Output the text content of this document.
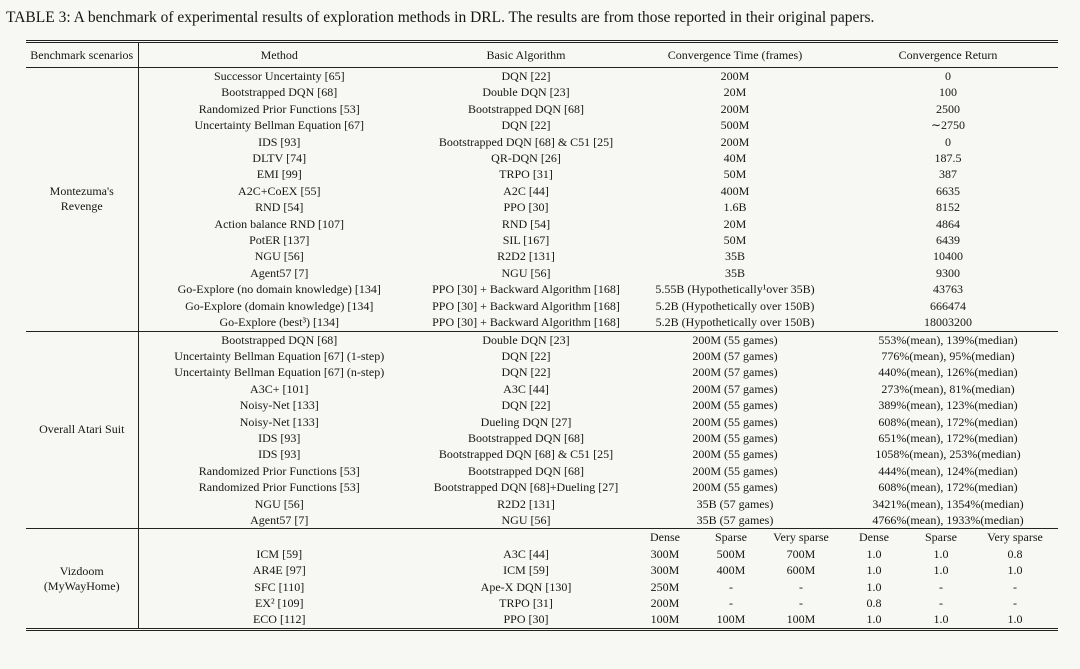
TABLE 3: A benchmark of experimental results of exploration methods in DRL. The results are from those reported in their original papers.
Benchmark scenarios	Method	Basic Algorithm	Convergence Time (frames)			Convergence Return		
Montezuma's Revenge	Successor Uncertainty [65]	DQN [22]	200M			0		
	Bootstrapped DQN [68]	Double DQN [23]	20M			100		
	Randomized Prior Functions [53]	Bootstrapped DQN [68]	200M			2500		
	Uncertainty Bellman Equation [67]	DQN [22]	500M			∼2750		
	IDS [93]	Bootstrapped DQN [68] & C51 [25]	200M			0		
	DLTV [74]	QR-DQN [26]	40M			187.5		
	EMI [99]	TRPO [31]	50M			387		
	A2C+CoEX [55]	A2C [44]	400M			6635		
	RND [54]	PPO [30]	1.6B			8152		
	Action balance RND [107]	RND [54]	20M			4864		
	PotER [137]	SIL [167]	50M			6439		
	NGU [56]	R2D2 [131]	35B			10400		
	Agent57 [7]	NGU [56]	35B			9300		
	Go-Explore (no domain knowledge) [134]	PPO [30] + Backward Algorithm [168]	5.55B (Hypothetically¹over 35B)			43763		
	Go-Explore (domain knowledge) [134]	PPO [30] + Backward Algorithm [168]	5.2B (Hypothetically over 150B)			666474		
	Go-Explore (best³) [134]	PPO [30] + Backward Algorithm [168]	5.2B (Hypothetically over 150B)			18003200		
Overall Atari Suit	Bootstrapped DQN [68]	Double DQN [23]	200M (55 games)			553%(mean), 139%(median)		
	Uncertainty Bellman Equation [67] (1-step)	DQN [22]	200M (57 games)			776%(mean), 95%(median)		
	Uncertainty Bellman Equation [67] (n-step)	DQN [22]	200M (57 games)			440%(mean), 126%(median)		
	A3C+ [101]	A3C [44]	200M (57 games)			273%(mean), 81%(median)		
	Noisy-Net [133]	DQN [22]	200M (55 games)			389%(mean), 123%(median)		
	Noisy-Net [133]	Dueling DQN [27]	200M (55 games)			608%(mean), 172%(median)		
	IDS [93]	Bootstrapped DQN [68]	200M (55 games)			651%(mean), 172%(median)		
	IDS [93]	Bootstrapped DQN [68] & C51 [25]	200M (55 games)			1058%(mean), 253%(median)		
	Randomized Prior Functions [53]	Bootstrapped DQN [68]	200M (55 games)			444%(mean), 124%(median)		
	Randomized Prior Functions [53]	Bootstrapped DQN [68]+Dueling [27]	200M (55 games)			608%(mean), 172%(median)		
	NGU [56]	R2D2 [131]	35B (57 games)			3421%(mean), 1354%(median)		
	Agent57 [7]	NGU [56]	35B (57 games)			4766%(mean), 1933%(median)		
Vizdoom (MyWayHome)			Dense	Sparse	Very sparse	Dense	Sparse	Very sparse
	ICM [59]	A3C [44]	300M	500M	700M	1.0	1.0	0.8
	AR4E [97]	ICM [59]	300M	400M	600M	1.0	1.0	1.0
	SFC [110]	Ape-X DQN [130]	250M	-	-	1.0	-	-
	EX² [109]	TRPO [31]	200M	-	-	0.8	-	-
	ECO [112]	PPO [30]	100M	100M	100M	1.0	1.0	1.0
